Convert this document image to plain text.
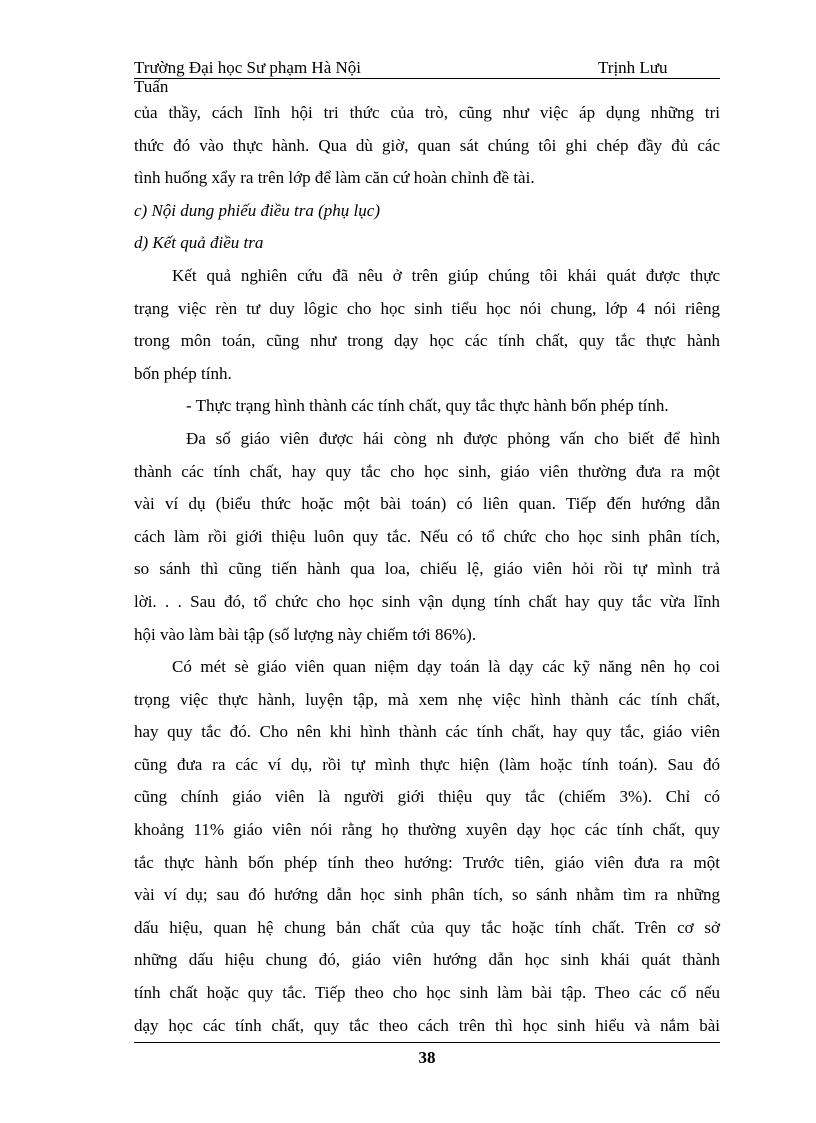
Trường Đại học Sư phạm Hà Nội	Trịnh Lưu
Tuấn
của thầy, cách lĩnh hội tri thức của trò, cũng như việc áp dụng những tri
thức đó vào thực hành. Qua dù giờ, quan sát chúng tôi ghi chép đầy đủ các
tình huống xẩy ra trên lớp để làm căn cứ hoàn chỉnh đề tài.
c) Nội dung phiếu điều tra (phụ lục)
d) Kết quả điều tra
Kết quả nghiên cứu đã nêu ở trên giúp chúng tôi khái quát được thực
trạng việc rèn tư duy lôgic cho học sinh tiểu học nói chung, lớp 4 nói riêng
trong môn toán, cũng như trong dạy học các tính chất, quy tắc thực hành
bốn phép tính.
- Thực trạng hình thành các tính chất, quy tắc thực hành bốn phép tính.
Đa số giáo viên được hái còng nh được phỏng vấn cho biết để hình
thành các tính chất, hay quy tắc cho học sinh, giáo viên thường đưa ra một
vài ví dụ (biểu thức hoặc một bài toán) có liên quan. Tiếp đến hướng dẫn
cách làm rồi giới thiệu luôn quy tắc. Nếu có tổ chức cho học sinh phân tích,
so sánh thì cũng tiến hành qua loa, chiếu lệ, giáo viên hỏi rồi tự mình trả
lời. . . Sau đó, tổ chức cho học sinh vận dụng tính chất hay quy tắc vừa lĩnh
hội vào làm bài tập (số lượng này chiếm tới 86%).
Có mét sè giáo viên quan niệm dạy toán là dạy các kỹ năng nên họ coi
trọng việc thực hành, luyện tập, mà xem nhẹ việc hình thành các tính chất,
hay quy tắc đó. Cho nên khi hình thành các tính chất, hay quy tắc, giáo viên
cũng đưa ra các ví dụ, rồi tự mình thực hiện (làm hoặc tính toán). Sau đó
cũng chính giáo viên là người giới thiệu quy tắc (chiếm 3%). Chỉ có
khoảng 11% giáo viên nói rằng họ thường xuyên dạy học các tính chất, quy
tắc thực hành bốn phép tính theo hướng: Trước tiên, giáo viên đưa ra một
vài ví dụ; sau đó hướng dẫn học sinh phân tích, so sánh nhằm tìm ra những
dấu hiệu, quan hệ chung bản chất của quy tắc hoặc tính chất. Trên cơ sở
những dấu hiệu chung đó, giáo viên hướng dẫn học sinh khái quát thành
tính chất hoặc quy tắc. Tiếp theo cho học sinh làm bài tập. Theo các cố nếu
dạy học các tính chất, quy tắc theo cách trên thì học sinh hiểu và nắm bài
38
